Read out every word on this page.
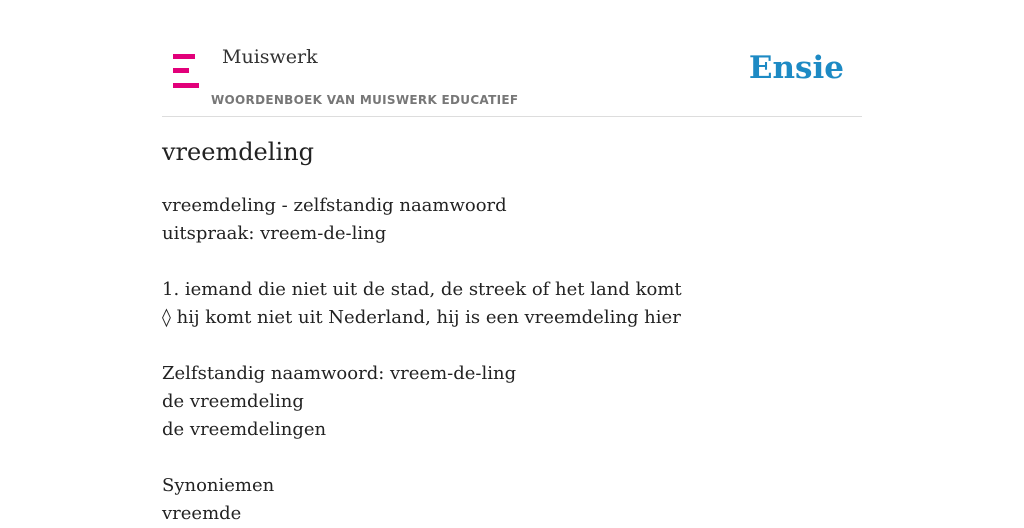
Muiswerk
WOORDENBOEK VAN MUISWERK EDUCATIEF
Ensie
vreemdeling
vreemdeling - zelfstandig naamwoord
uitspraak: vreem-de-ling
1. iemand die niet uit de stad, de streek of het land komt
◊ hij komt niet uit Nederland, hij is een vreemdeling hier
Zelfstandig naamwoord: vreem-de-ling
de vreemdeling
de vreemdelingen
Synoniemen
vreemde
